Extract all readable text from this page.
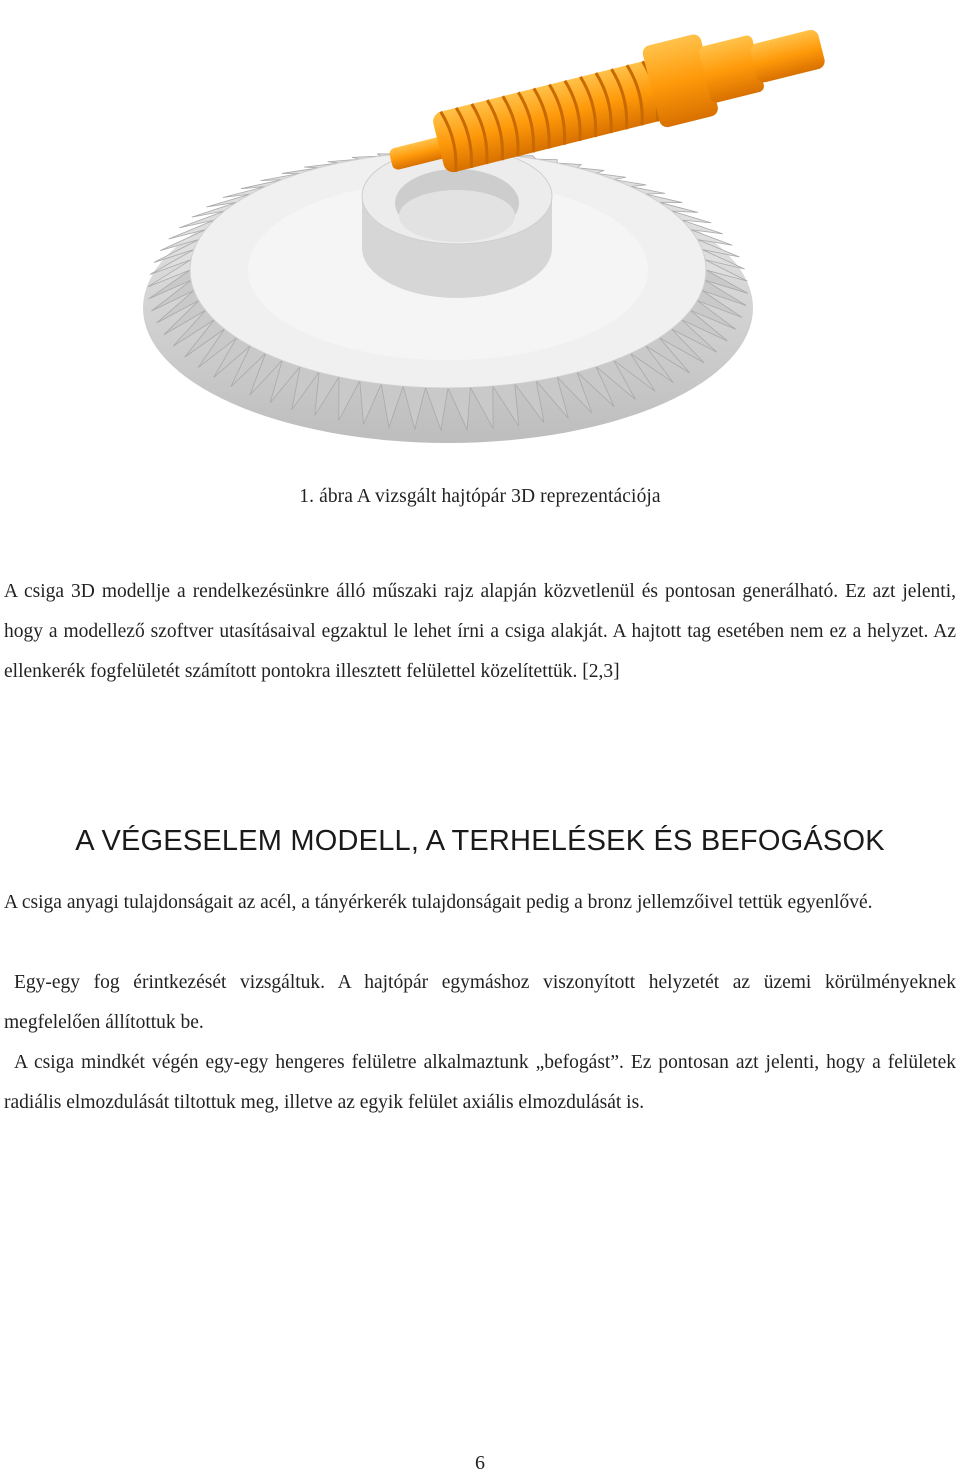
1. ábra A vizsgált hajtópár 3D reprezentációja

A csiga 3D modellje a rendelkezésünkre álló műszaki rajz alapján közvetlenül és pontosan generálható. Ez azt jelenti, hogy a modellező szoftver utasításaival egzaktul le lehet írni a csiga alakját. A hajtott tag esetében nem ez a helyzet. Az ellenkerék fogfelületét számított pontokra illesztett felülettel közelítettük. [2,3]

A VÉGESELEM MODELL, A TERHELÉSEK ÉS BEFOGÁSOK

A csiga anyagi tulajdonságait az acél, a tányérkerék tulajdonságait pedig a bronz jellemzőivel tettük egyenlővé.

Egy-egy fog érintkezését vizsgáltuk. A hajtópár egymáshoz viszonyított helyzetét az üzemi körülményeknek megfelelően állítottuk be.

A csiga mindkét végén egy-egy hengeres felületre alkalmaztunk „befogást”. Ez pontosan azt jelenti, hogy a felületek radiális elmozdulását tiltottuk meg, illetve az egyik felület axiális elmozdulását is.

6
